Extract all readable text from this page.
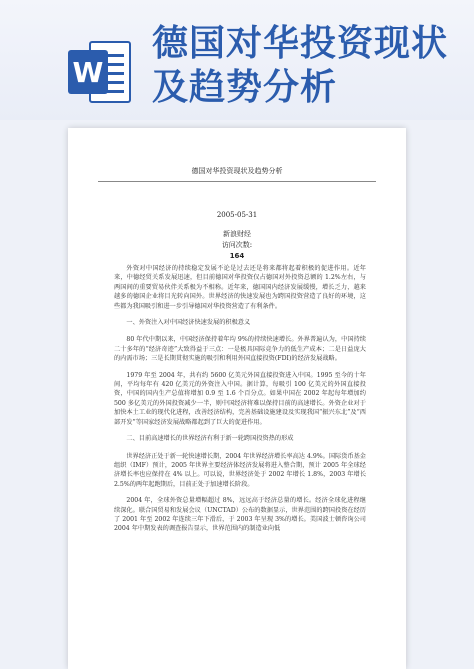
W
德国对华投资现状
及趋势分析
德国对华投资现状及趋势分析
2005-05-31
新浪财经
访问次数:
164

外资对中国经济的持续稳定发展不论是过去还是将来都将起着积极的促进作用。近年来，中德经贸关系发展迅速，但目前德国对华投资仅占德国对外投资总额的 1.2%左右，与两国间的重要贸易伙伴关系极为不相称。近年来，德国国内经济发展缓慢，增长乏力，越来越多的德国企业将目光转向国外。世界经济的快速发展也为跨国投资营造了良好的环境，这些都为我国吸引和进一步引导德国对华投资营造了有利条件。

一、外资注入对中国经济快速发展的积极意义

80 年代中期以来，中国经济保持着年均 9%的持续快速增长。外界普遍认为，中国持续二十多年的“经济奇迹”大致得益于三点：一是极具国际竞争力的低生产成本；二是日益庞大的内需市场；三是长期贯彻实施的吸引和利用外国直接投资(FDI)的经济发展战略。

1979 年至 2004 年，共有约 5600 亿美元外国直接投资进入中国。1995 至今的十年间，平均每年有 420 亿美元的外资注入中国。据计算，每吸引 100 亿美元的外国直接投资，中国的国内生产总值将增加 0.9 至 1.6 个百分点。如果中国在 2002 年起每年增加约 500 多亿美元的外国投资减少一半，则中国经济将难以保持目前的高速增长。外资企业对于加快本土工业的现代化进程，改善经济结构，完善基础设施建设及实现我国“振兴东北”及“西部开发”等国家经济发展战略都起到了巨大的促进作用。

二、目前高速增长的世界经济有利于新一轮跨国投资热的形成

世界经济正处于新一轮快速增长期，2004 年世界经济增长率高达 4.9%。国际货币基金组织（IMF）预计，2005 年世界主要经济体经济发展将进入整合期，预计 2005 年全球经济增长率也应保持在 4% 以上。可以说，世界经济处于 2002 年增长 1.8%，2003 年增长 2.5%的两年起跑期后，目前正处于加速增长阶段。

2004 年，全球外资总量增幅超过 8%，远远高于经济总量的增长。经济全球化进程继续深化。联合国贸易和发展会议（UNCTAD）公布的数据显示，世界范围的跨国投资在经历了 2001 年至 2002 年连续三年下滑后，于 2003 年呈现 3%的增长。美国波士顿咨询公司 2004 年中期发表的调查报告显示，世界范围内的制造业向低
